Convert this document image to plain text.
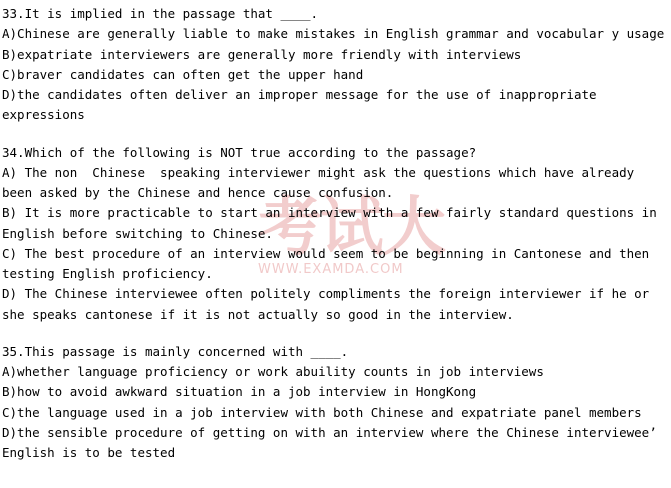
考试大
WWW.EXAMDA.COM
33.It is implied in the passage that ____.
A)Chinese are generally liable to make mistakes in English grammar and vocabular y usage
B)expatriate interviewers are generally more friendly with interviews
C)braver candidates can often get the upper hand
D)the candidates often deliver an improper message for the use of inappropriate expressions
34.Which of the following is NOT true according to the passage?
A) The non  Chinese  speaking interviewer might ask the questions which have already been asked by the Chinese and hence cause confusion.
B) It is more practicable to start an interview with a few fairly standard questions in English before switching to Chinese.
C) The best procedure of an interview would seem to be beginning in Cantonese and then testing English proficiency.
D) The Chinese interviewee often politely compliments the foreign interviewer if he or she speaks cantonese if it is not actually so good in the interview.
35.This passage is mainly concerned with ____.
A)whether language proficiency or work abuility counts in job interviews
B)how to avoid awkward situation in a job interview in HongKong
C)the language used in a job interview with both Chinese and expatriate panel members
D)the sensible procedure of getting on with an interview where the Chinese interviewee’ English is to be tested
